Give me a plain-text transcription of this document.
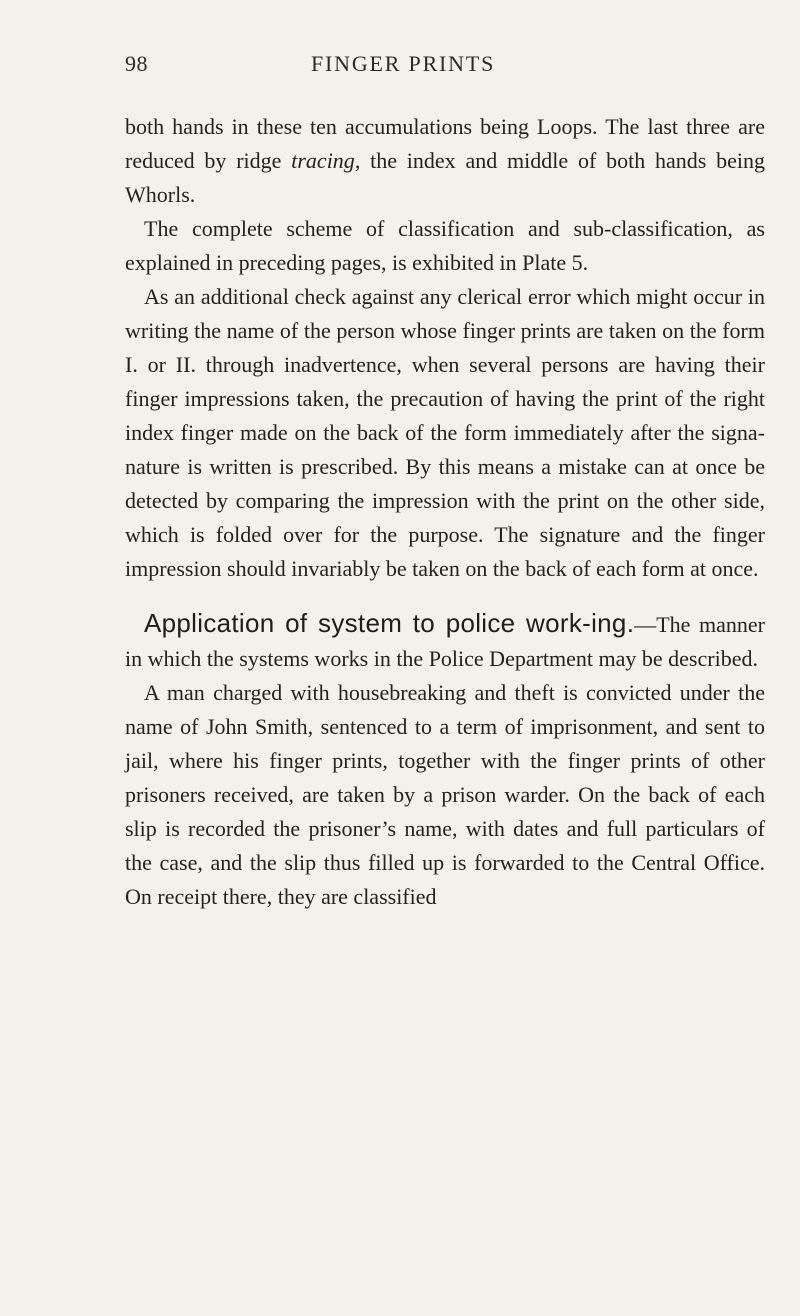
98	FINGER PRINTS

both hands in these ten accumulations being Loops. The last three are reduced by ridge tracing, the index and middle of both hands being Whorls.

The complete scheme of classification and sub-classification, as explained in preceding pages, is exhibited in Plate 5.

As an additional check against any clerical error which might occur in writing the name of the person whose finger prints are taken on the form I. or II. through inadvertence, when several persons are having their finger impressions taken, the precaution of having the print of the right index finger made on the back of the form immediately after the signa-nature is written is prescribed. By this means a mistake can at once be detected by comparing the impression with the print on the other side, which is folded over for the purpose. The signature and the finger impression should invariably be taken on the back of each form at once.

Application of system to police work-ing.—The manner in which the systems works in the Police Department may be described.

A man charged with housebreaking and theft is convicted under the name of John Smith, sentenced to a term of imprisonment, and sent to jail, where his finger prints, together with the finger prints of other prisoners received, are taken by a prison warder. On the back of each slip is recorded the prisoner’s name, with dates and full particulars of the case, and the slip thus filled up is forwarded to the Central Office. On receipt there, they are classified
